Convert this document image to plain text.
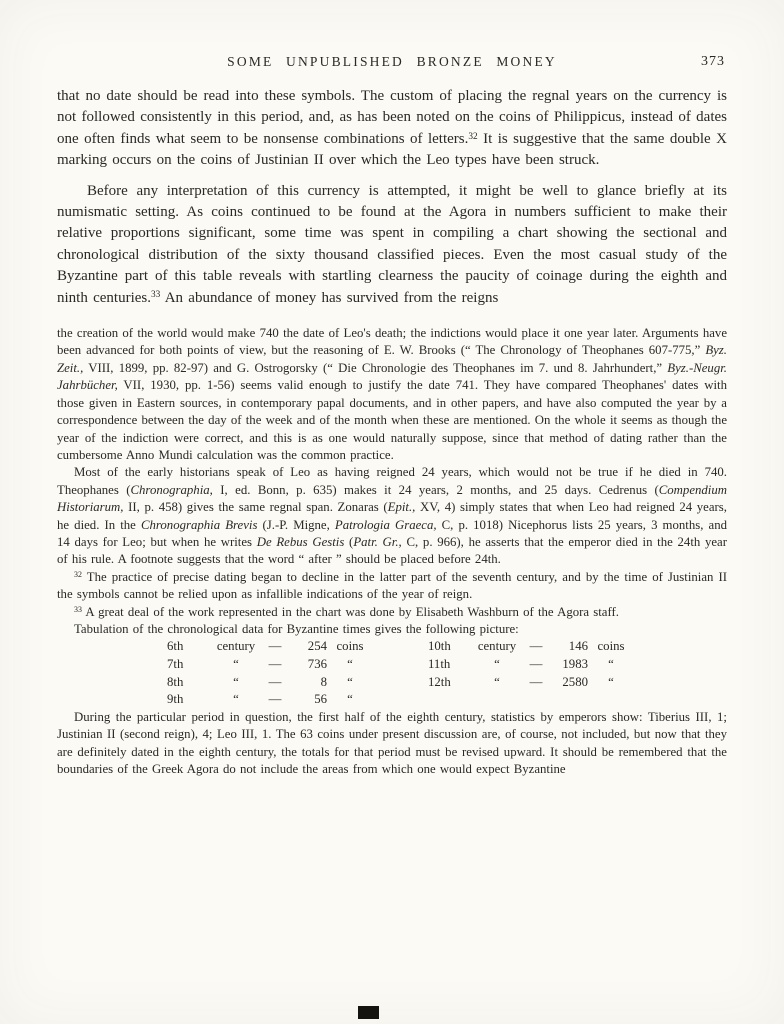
SOME UNPUBLISHED BRONZE MONEY	373

that no date should be read into these symbols. The custom of placing the regnal years on the currency is not followed consistently in this period, and, as has been noted on the coins of Philippicus, instead of dates one often finds what seem to be nonsense combinations of letters.$^{32}$ It is suggestive that the same double X marking occurs on the coins of Justinian II over which the Leo types have been struck.

Before any interpretation of this currency is attempted, it might be well to glance briefly at its numismatic setting. As coins continued to be found at the Agora in numbers sufficient to make their relative proportions significant, some time was spent in compiling a chart showing the sectional and chronological distribution of the sixty thousand classified pieces. Even the most casual study of the Byzantine part of this table reveals with startling clearness the paucity of coinage during the eighth and ninth centuries.$^{33}$ An abundance of money has survived from the reigns

the creation of the world would make 740 the date of Leo's death; the indictions would place it one year later. Arguments have been advanced for both points of view, but the reasoning of E. W. Brooks (“ The Chronology of Theophanes 607-775,” Byz. Zeit., VIII, 1899, pp. 82-97) and G. Ostrogorsky (“ Die Chronologie des Theophanes im 7. und 8. Jahrhundert,” Byz.-Neugr. Jahrbücher, VII, 1930, pp. 1-56) seems valid enough to justify the date 741. They have compared Theophanes' dates with those given in Eastern sources, in contemporary papal documents, and in other papers, and have also computed the year by a correspondence between the day of the week and of the month when these are mentioned. On the whole it seems as though the year of the indiction were correct, and this is as one would naturally suppose, since that method of dating rather than the cumbersome Anno Mundi calculation was the common practice.

Most of the early historians speak of Leo as having reigned 24 years, which would not be true if he died in 740. Theophanes (Chronographia, I, ed. Bonn, p. 635) makes it 24 years, 2 months, and 25 days. Cedrenus (Compendium Historiarum, II, p. 458) gives the same regnal span. Zonaras (Epit., XV, 4) simply states that when Leo had reigned 24 years, he died. In the Chronographia Brevis (J.-P. Migne, Patrologia Graeca, C, p. 1018) Nicephorus lists 25 years, 3 months, and 14 days for Leo; but when he writes De Rebus Gestis (Patr. Gr., C, p. 966), he asserts that the emperor died in the 24th year of his rule. A footnote suggests that the word “ after ” should be placed before 24th.

$^{32}$ The practice of precise dating began to decline in the latter part of the seventh century, and by the time of Justinian II the symbols cannot be relied upon as infallible indications of the year of reign.

$^{33}$ A great deal of the work represented in the chart was done by Elisabeth Washburn of the Agora staff.

Tabulation of the chronological data for Byzantine times gives the following picture:

6th	century	—	254 coins
7th	“	—	736	“
8th	“	—	8	“
9th	“	—	56	“
10th	century	—	146 coins
11th	“	—	1983	“
12th	“	—	2580	“

During the particular period in question, the first half of the eighth century, statistics by emperors show: Tiberius III, 1; Justinian II (second reign), 4; Leo III, 1. The 63 coins under present discussion are, of course, not included, but now that they are definitely dated in the eighth century, the totals for that period must be revised upward. It should be remembered that the boundaries of the Greek Agora do not include the areas from which one would expect Byzantine
